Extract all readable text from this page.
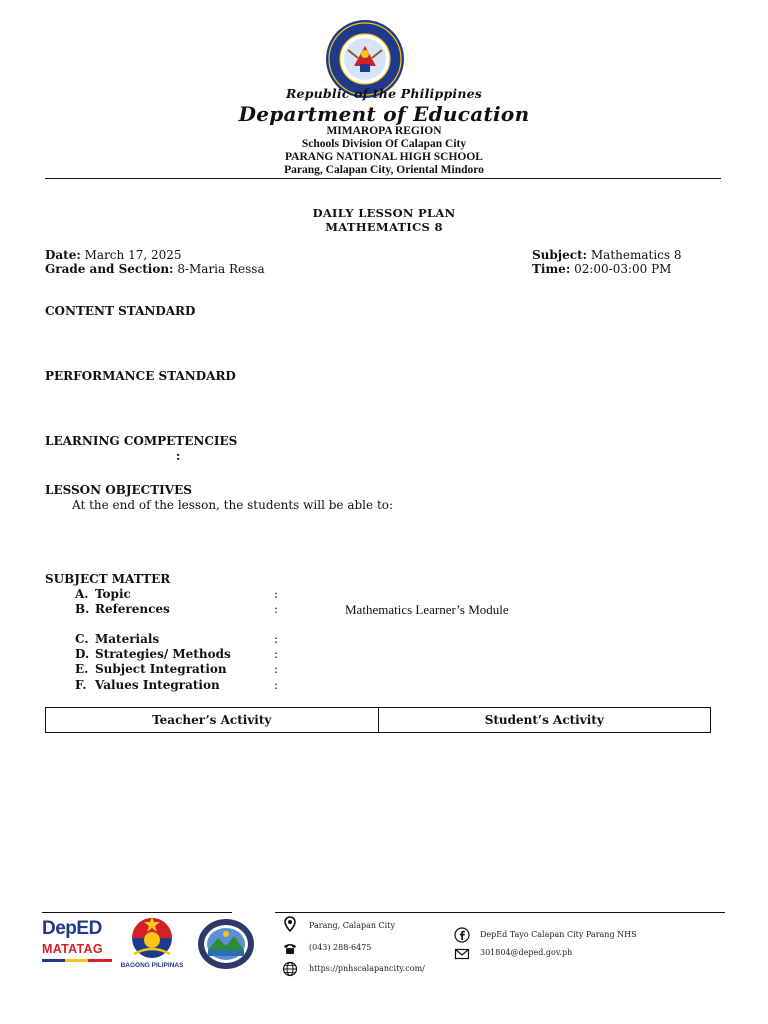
Republic of the Philippines
Department of Education
MIMAROPA REGION
Schools Division Of Calapan City
PARANG NATIONAL HIGH SCHOOL
Parang, Calapan City, Oriental Mindoro
DAILY LESSON PLAN
MATHEMATICS 8
Date: March 17, 2025
Grade and Section: 8-Maria Ressa
Subject: Mathematics 8
Time: 02:00-03:00 PM
CONTENT STANDARD
PERFORMANCE STANDARD
LEARNING COMPETENCIES
:
LESSON OBJECTIVES
At the end of the lesson, the students will be able to:
SUBJECT MATTER
A. Topic	:
B. References	:	Mathematics Learner’s Module
C. Materials	:
D. Strategies/ Methods	:
E. Subject Integration	:
F. Values Integration	:
Teacher’s Activity	Student’s Activity
DepED
MATATAG
BAGONG PILIPINAS
Parang, Calapan City
(043) 288-6475
https://pnhscalapancity.com/
DepEd Tayo Calapan City Parang NHS
301804@deped.gov.ph
